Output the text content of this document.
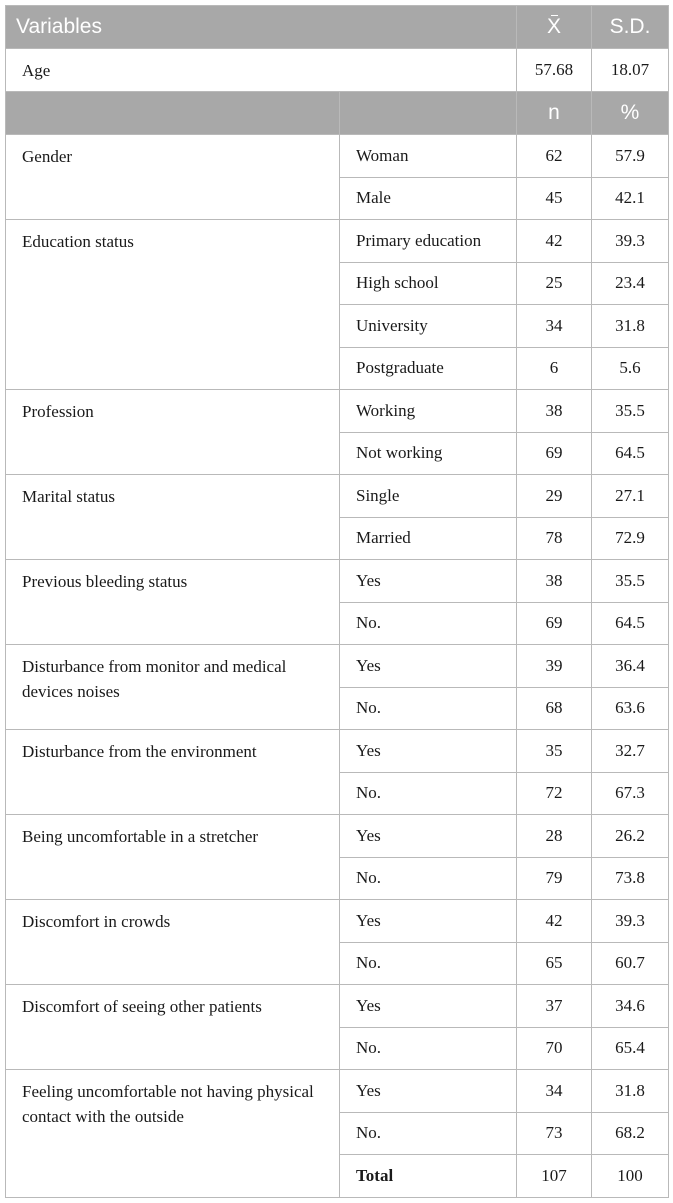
Variables		X	S.D.
Age		57.68	18.07
		n	%
Gender	Woman	62	57.9
	Male	45	42.1
Education status	Primary education	42	39.3
	High school	25	23.4
	University	34	31.8
	Postgraduate	6	5.6
Profession	Working	38	35.5
	Not working	69	64.5
Marital status	Single	29	27.1
	Married	78	72.9
Previous bleeding status	Yes	38	35.5
	No.	69	64.5
Disturbance from monitor and medical devices noises	Yes	39	36.4
	No.	68	63.6
Disturbance from the environment	Yes	35	32.7
	No.	72	67.3
Being uncomfortable in a stretcher	Yes	28	26.2
	No.	79	73.8
Discomfort in crowds	Yes	42	39.3
	No.	65	60.7
Discomfort of seeing other patients	Yes	37	34.6
	No.	70	65.4
Feeling uncomfortable not having physical contact with the outside	Yes	34	31.8
	No.	73	68.2
	Total	107	100
